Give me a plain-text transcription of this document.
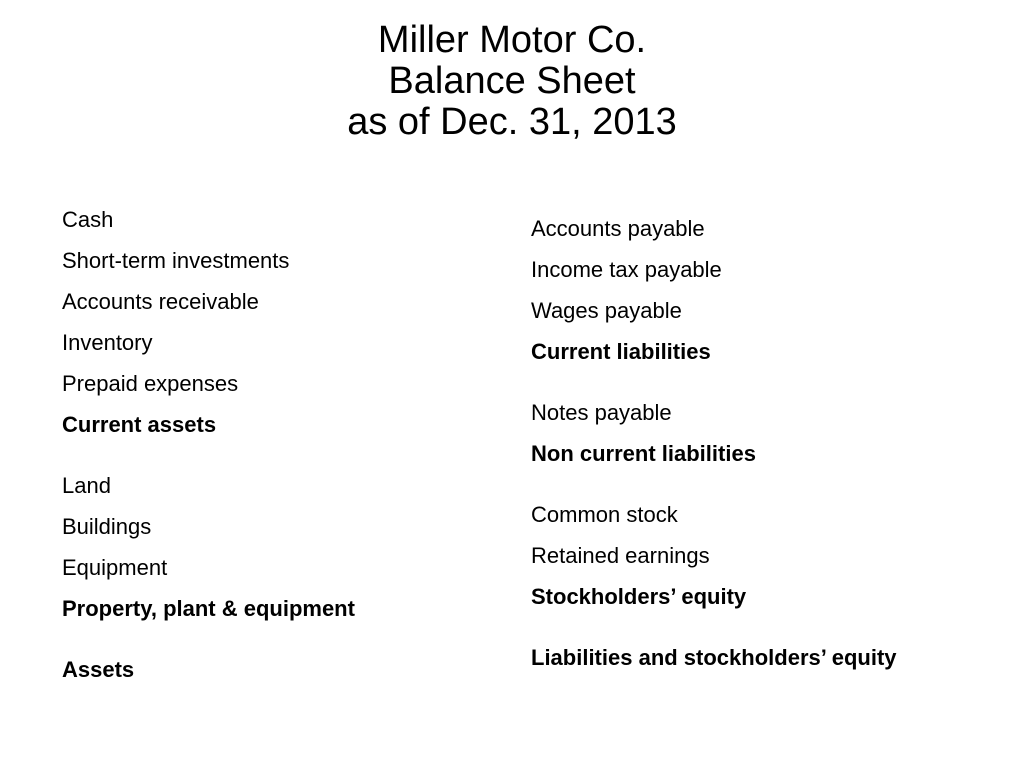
Miller Motor Co.
Balance Sheet
as of Dec. 31, 2013
Cash
Short-term investments
Accounts receivable
Inventory
Prepaid expenses
Current assets
Land
Buildings
Equipment
Property, plant & equipment
Assets
Accounts payable
Income tax payable
Wages payable
Current liabilities
Notes payable
Non current liabilities
Common stock
Retained earnings
Stockholders’ equity
Liabilities and stockholders’ equity
